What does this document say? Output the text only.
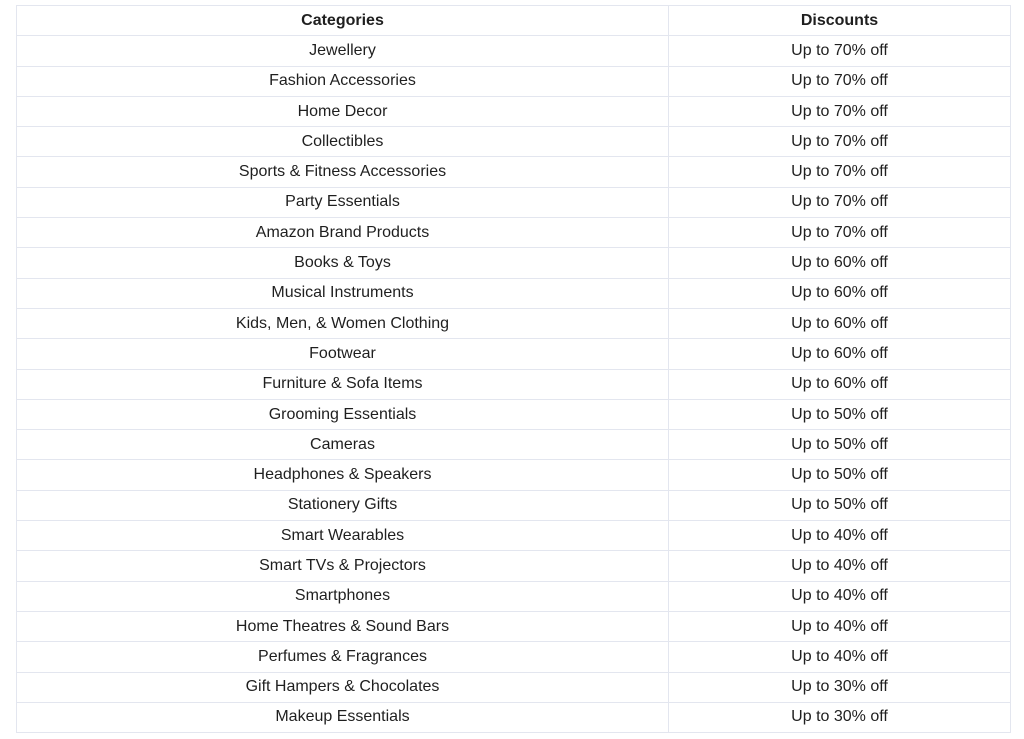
Categories	Discounts
Jewellery	Up to 70% off
Fashion Accessories	Up to 70% off
Home Decor	Up to 70% off
Collectibles	Up to 70% off
Sports & Fitness Accessories	Up to 70% off
Party Essentials	Up to 70% off
Amazon Brand Products	Up to 70% off
Books & Toys	Up to 60% off
Musical Instruments	Up to 60% off
Kids, Men, & Women Clothing	Up to 60% off
Footwear	Up to 60% off
Furniture & Sofa Items	Up to 60% off
Grooming Essentials	Up to 50% off
Cameras	Up to 50% off
Headphones & Speakers	Up to 50% off
Stationery Gifts	Up to 50% off
Smart Wearables	Up to 40% off
Smart TVs & Projectors	Up to 40% off
Smartphones	Up to 40% off
Home Theatres & Sound Bars	Up to 40% off
Perfumes & Fragrances	Up to 40% off
Gift Hampers & Chocolates	Up to 30% off
Makeup Essentials	Up to 30% off
